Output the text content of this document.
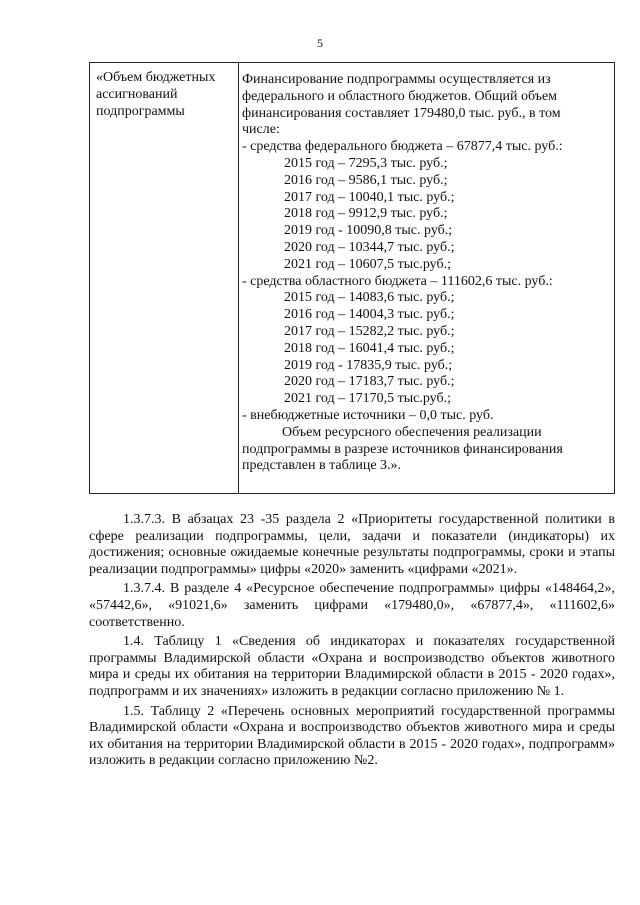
5
«Объем бюджетных
ассигнований
подпрограммы
Финансирование подпрограммы осуществляется из
федерального и областного бюджетов. Общий объем
финансирования составляет 179480,0 тыс. руб., в том
числе:
- средства федерального бюджета – 67877,4 тыс. руб.:
2015 год – 7295,3 тыс. руб.;
2016 год – 9586,1 тыс. руб.;
2017 год – 10040,1 тыс. руб.;
2018 год – 9912,9 тыс. руб.;
2019 год - 10090,8 тыс. руб.;
2020 год – 10344,7 тыс. руб.;
2021 год – 10607,5 тыс.руб.;
- средства областного бюджета – 111602,6 тыс. руб.:
2015 год – 14083,6 тыс. руб.;
2016 год – 14004,3 тыс. руб.;
2017 год – 15282,2 тыс. руб.;
2018 год – 16041,4 тыс. руб.;
2019 год - 17835,9 тыс. руб.;
2020 год – 17183,7 тыс. руб.;
2021 год – 17170,5 тыс.руб.;
- внебюджетные источники – 0,0 тыс. руб.
Объем ресурсного обеспечения реализации
подпрограммы в разрезе источников финансирования
представлен в таблице 3.».

1.3.7.3. В абзацах 23 -35 раздела 2 «Приоритеты государственной политики в сфере реализации подпрограммы, цели, задачи и показатели (индикаторы) их достижения; основные ожидаемые конечные результаты подпрограммы, сроки и этапы реализации подпрограммы» цифры «2020» заменить «цифрами «2021».

1.3.7.4. В разделе 4 «Ресурсное обеспечение подпрограммы» цифры «148464,2», «57442,6», «91021,6» заменить цифрами «179480,0», «67877,4», «111602,6» соответственно.

1.4. Таблицу 1 «Сведения об индикаторах и показателях государственной программы Владимирской области «Охрана и воспроизводство объектов животного мира и среды их обитания на территории Владимирской области в 2015 - 2020 годах», подпрограмм и их значениях» изложить в редакции согласно приложению № 1.

1.5. Таблицу 2 «Перечень основных мероприятий государственной программы Владимирской области «Охрана и воспроизводство объектов животного мира и среды их обитания на территории Владимирской области в 2015 - 2020 годах», подпрограмм» изложить в редакции согласно приложению №2.
